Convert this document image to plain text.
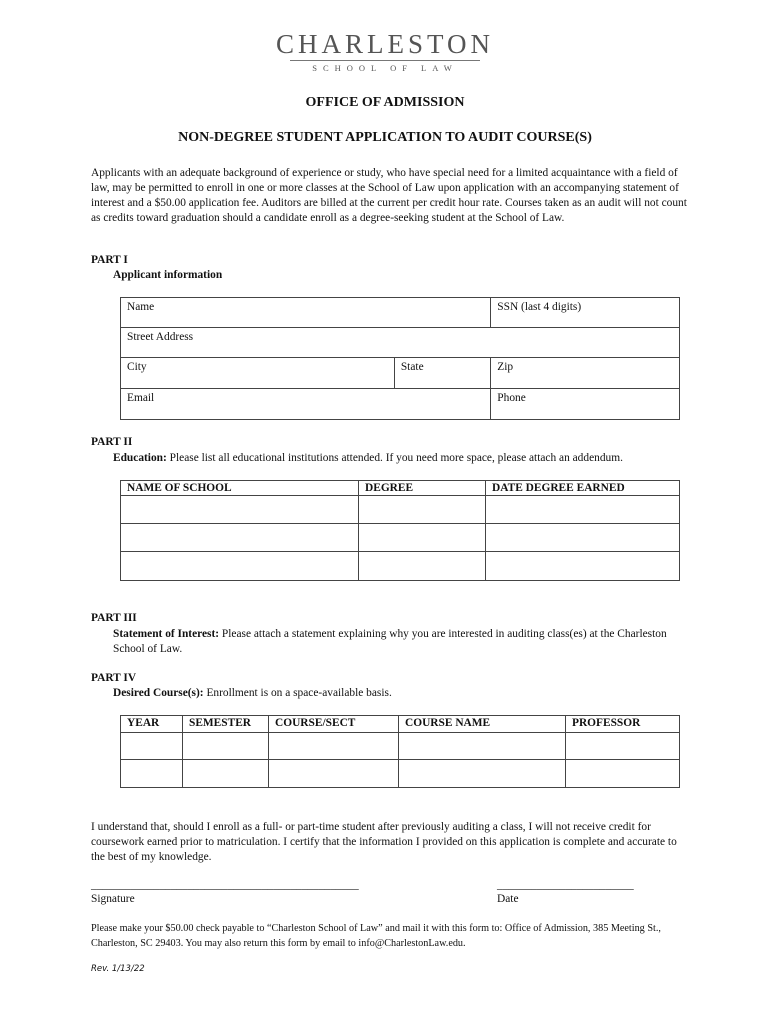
CHARLESTON
SCHOOL OF LAW
OFFICE OF ADMISSION
NON-DEGREE STUDENT APPLICATION TO AUDIT COURSE(S)
Applicants with an adequate background of experience or study, who have special need for a limited acquaintance with a field of law, may be permitted to enroll in one or more classes at the School of Law upon application with an accompanying statement of interest and a $50.00 application fee. Auditors are billed at the current per credit hour rate. Courses taken as an audit will not count as credits toward graduation should a candidate enroll as a degree-seeking student at the School of Law.
PART I
Applicant information
Name		SSN (last 4 digits)

Street Address		

City	State	Zip

Email		Phone
PART II
Education: Please list all educational institutions attended. If you need more space, please attach an addendum.
NAME OF SCHOOL	DEGREE	DATE DEGREE EARNED

PART III
Statement of Interest: Please attach a statement explaining why you are interested in auditing class(es) at the Charleston School of Law.
PART IV
Desired Course(s): Enrollment is on a space-available basis.
YEAR	SEMESTER	COURSE/SECT	COURSE NAME	PROFESSOR

I understand that, should I enroll as a full- or part-time student after previously auditing a class, I will not receive credit for coursework earned prior to matriculation. I certify that the information I provided on this application is complete and accurate to the best of my knowledge.
_______________________________________________
Signature
________________________
Date
Please make your $50.00 check payable to “Charleston School of Law” and mail it with this form to: Office of Admission, 385 Meeting St., Charleston, SC 29403. You may also return this form by email to info@CharlestonLaw.edu.
Rev. 1/13/22
